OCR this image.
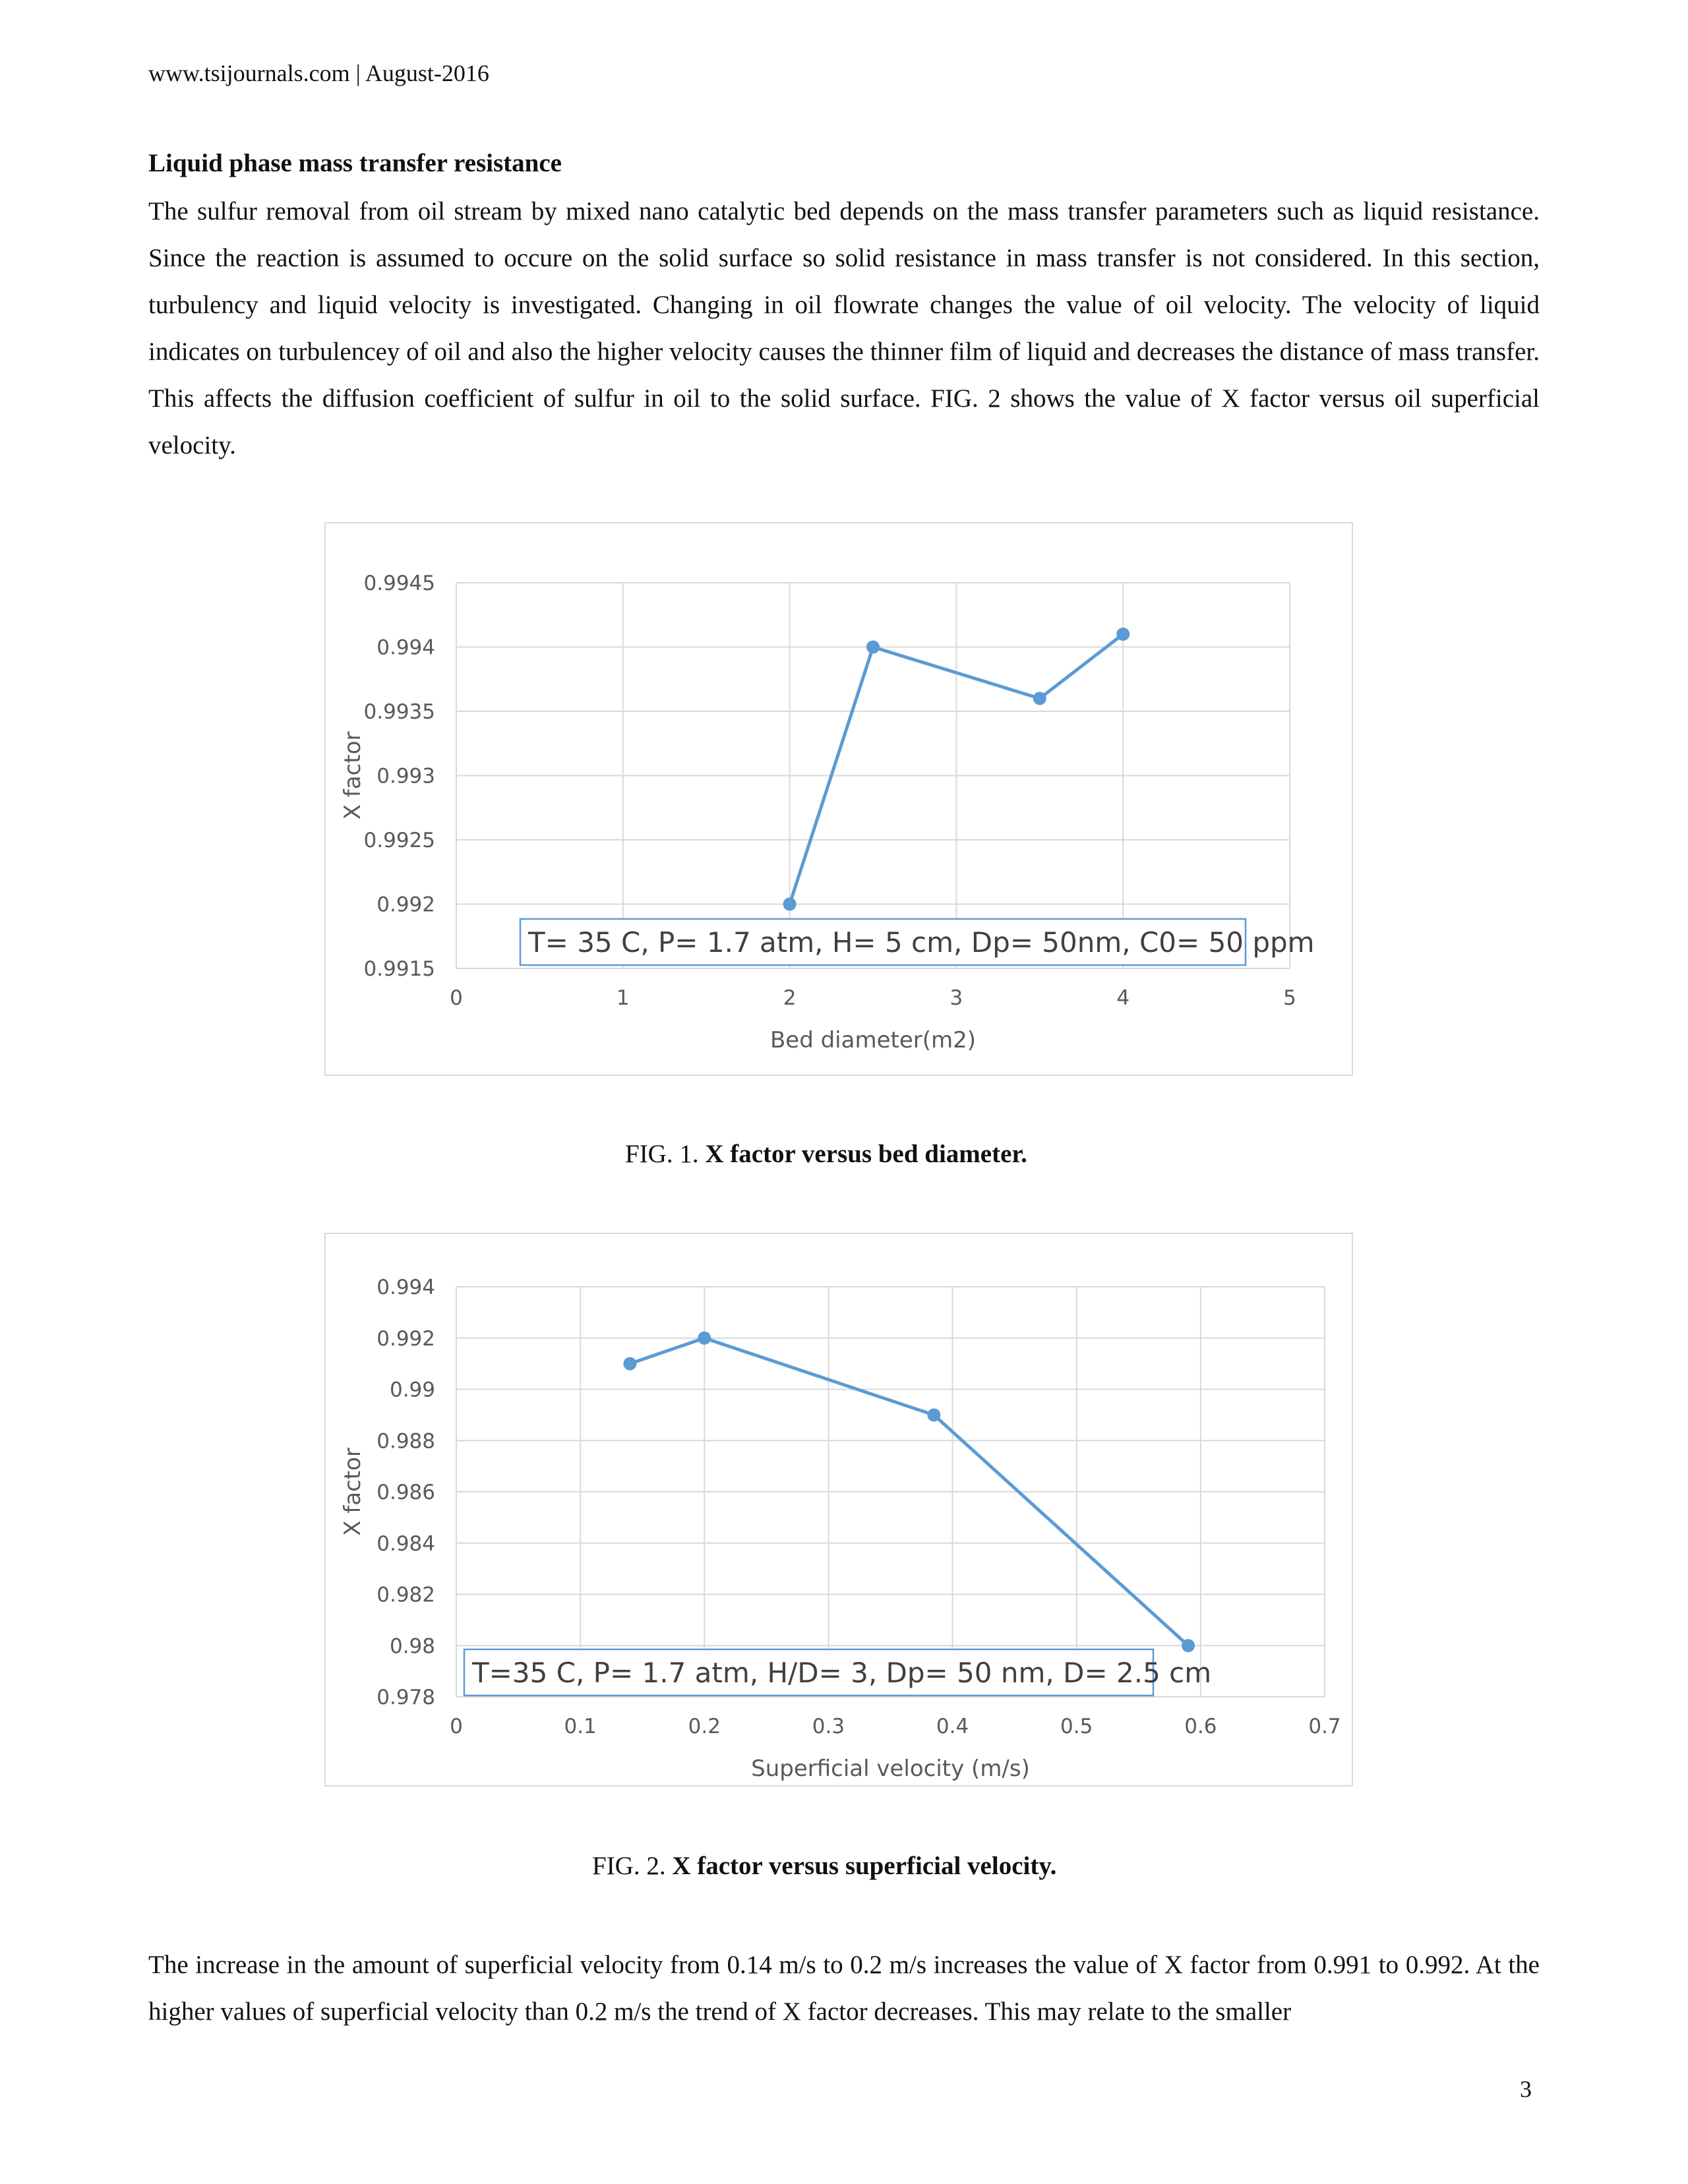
www.tsijournals.com | August-2016
Liquid phase mass transfer resistance
The sulfur removal from oil stream by mixed nano catalytic bed depends on the mass transfer parameters such as liquid resistance. Since the reaction is assumed to occure on the solid surface so solid resistance in mass transfer is not considered. In this section, turbulency and liquid velocity is investigated. Changing in oil flowrate changes the value of oil velocity. The velocity of liquid indicates on turbulencey of oil and also the higher velocity causes the thinner film of liquid and decreases the distance of mass transfer. This affects the diffusion coefficient of sulfur in oil to the solid surface. FIG. 2 shows the value of X factor versus oil superficial velocity.
0.9915
0.992
0.9925
0.993
0.9935
0.994
0.9945
0	1	2	3	4	5
Bed diameter(m2)
X factor
T= 35 C, P= 1.7 atm, H= 5 cm, Dp= 50nm, C0= 50 ppm
FIG. 1. X factor versus bed diameter.
0.978
0.98
0.982
0.984
0.986
0.988
0.99
0.992
0.994
0	0.1	0.2	0.3	0.4	0.5	0.6	0.7
Superficial velocity (m/s)
X factor
T=35 C, P= 1.7 atm, H/D= 3, Dp= 50 nm, D= 2.5 cm
FIG. 2. X factor versus superficial velocity.
The increase in the amount of superficial velocity from 0.14 m/s to 0.2 m/s increases the value of X factor from 0.991 to 0.992. At the higher values of superficial velocity than 0.2 m/s the trend of X factor decreases. This may relate to the smaller
3
